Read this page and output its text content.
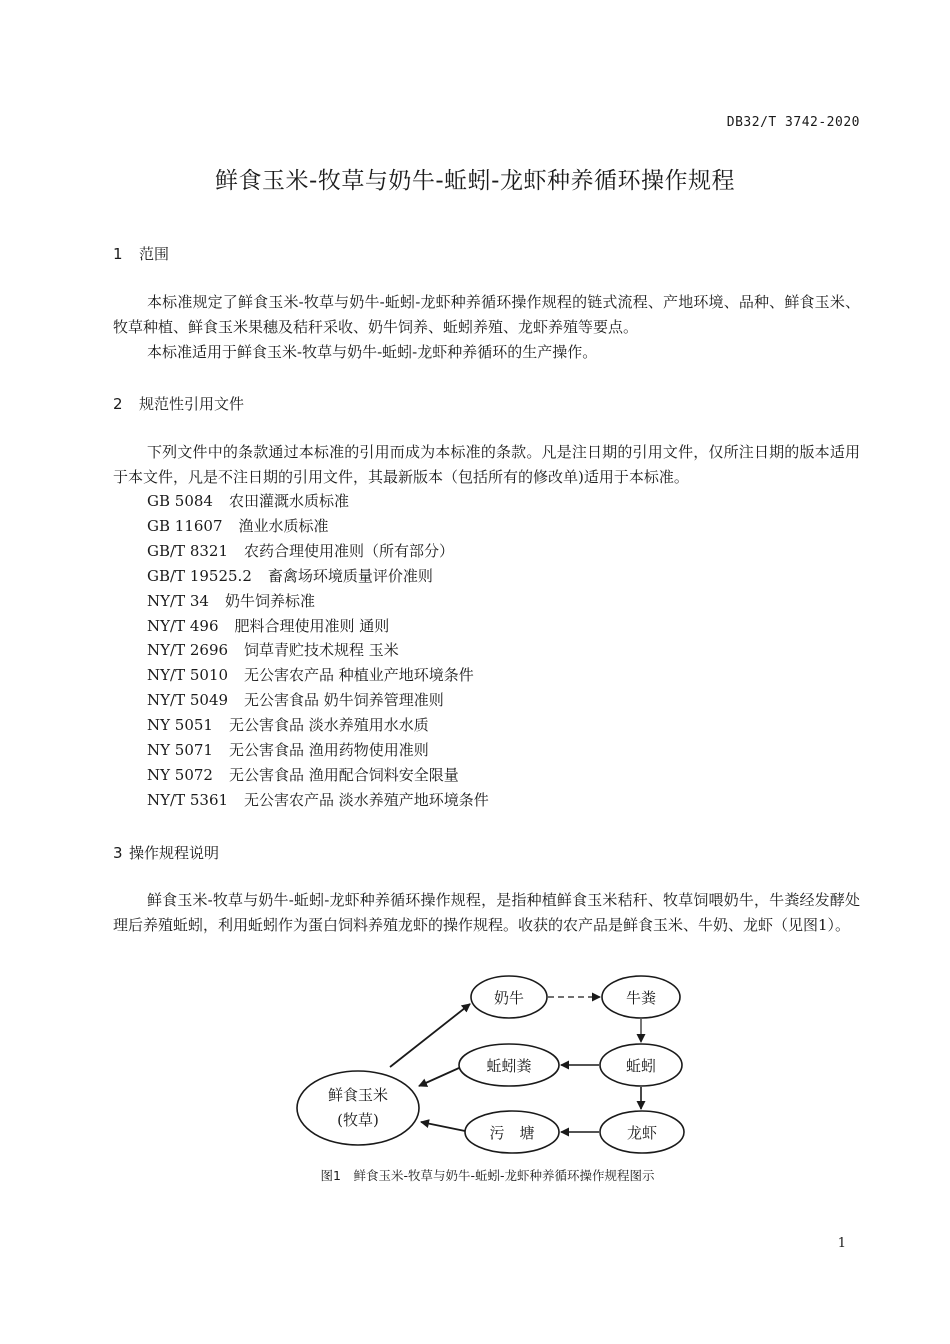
DB32/T 3742-2020
鲜食玉米-牧草与奶牛-蚯蚓-龙虾种养循环操作规程
1 范围

本标准规定了鲜食玉米-牧草与奶牛-蚯蚓-龙虾种养循环操作规程的链式流程、产地环境、品种、鲜食玉米、牧草种植、鲜食玉米果穗及秸秆采收、奶牛饲养、蚯蚓养殖、龙虾养殖等要点。

本标准适用于鲜食玉米-牧草与奶牛-蚯蚓-龙虾种养循环的生产操作。

2 规范性引用文件

下列文件中的条款通过本标准的引用而成为本标准的条款。凡是注日期的引用文件，仅所注日期的版本适用于本文件，凡是不注日期的引用文件，其最新版本（包括所有的修改单)适用于本标准。

GB 5084 农田灌溉水质标准
GB 11607 渔业水质标准
GB/T 8321 农药合理使用准则（所有部分）
GB/T 19525.2 畜禽场环境质量评价准则
NY/T 34 奶牛饲养标准
NY/T 496 肥料合理使用准则 通则
NY/T 2696 饲草青贮技术规程 玉米
NY/T 5010 无公害农产品 种植业产地环境条件
NY/T 5049 无公害食品 奶牛饲养管理准则
NY 5051 无公害食品 淡水养殖用水水质
NY 5071 无公害食品 渔用药物使用准则
NY 5072 无公害食品 渔用配合饲料安全限量
NY/T 5361 无公害农产品 淡水养殖产地环境条件
3 操作规程说明

鲜食玉米-牧草与奶牛-蚯蚓-龙虾种养循环操作规程，是指种植鲜食玉米秸秆、牧草饲喂奶牛，牛粪经发酵处理后养殖蚯蚓，利用蚯蚓作为蛋白饲料养殖龙虾的操作规程。收获的农产品是鲜食玉米、牛奶、龙虾（见图1）。

鲜食玉米
(牧草)
奶牛	牛粪
蚯蚓粪	蚯蚓
污　塘	龙虾
图1　鲜食玉米-牧草与奶牛-蚯蚓-龙虾种养循环操作规程图示
1
